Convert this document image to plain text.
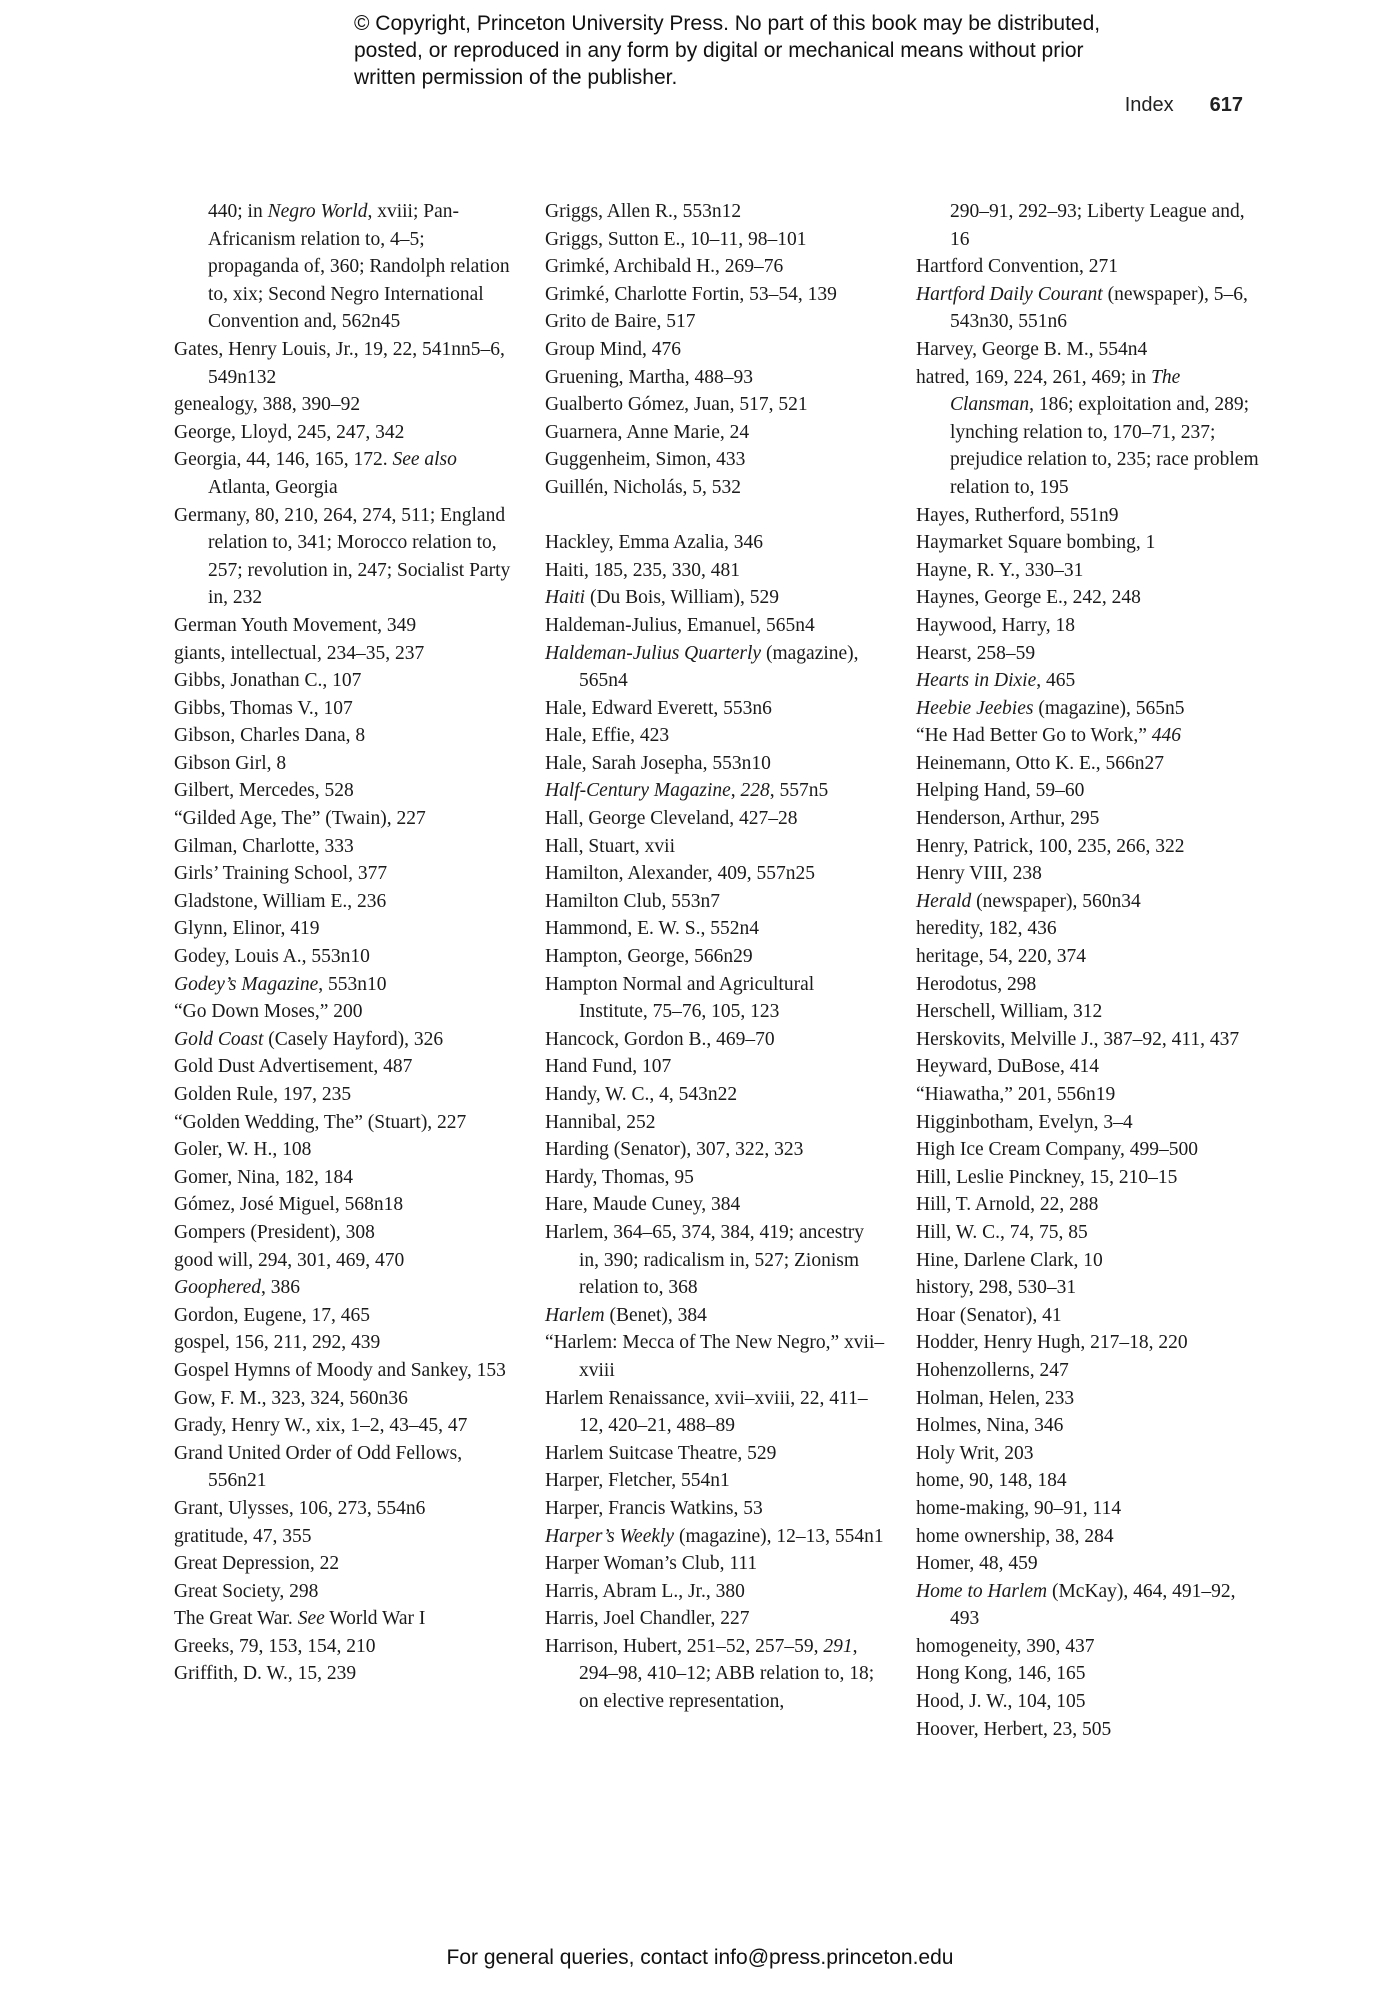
© Copyright, Princeton University Press. No part of this book may be distributed, posted, or reproduced in any form by digital or mechanical means without prior written permission of the publisher.
Index 617
440; in Negro World, xviii; Pan-Africanism relation to, 4–5; propaganda of, 360; Randolph relation to, xix; Second Negro International Convention and, 562n45
Gates, Henry Louis, Jr., 19, 22, 541nn5–6, 549n132
genealogy, 388, 390–92
George, Lloyd, 245, 247, 342
Georgia, 44, 146, 165, 172. See also Atlanta, Georgia
Germany, 80, 210, 264, 274, 511; England relation to, 341; Morocco relation to, 257; revolution in, 247; Socialist Party in, 232
German Youth Movement, 349
giants, intellectual, 234–35, 237
Gibbs, Jonathan C., 107
Gibbs, Thomas V., 107
Gibson, Charles Dana, 8
Gibson Girl, 8
Gilbert, Mercedes, 528
“Gilded Age, The” (Twain), 227
Gilman, Charlotte, 333
Girls’ Training School, 377
Gladstone, William E., 236
Glynn, Elinor, 419
Godey, Louis A., 553n10
Godey’s Magazine, 553n10
“Go Down Moses,” 200
Gold Coast (Casely Hayford), 326
Gold Dust Advertisement, 487
Golden Rule, 197, 235
“Golden Wedding, The” (Stuart), 227
Goler, W. H., 108
Gomer, Nina, 182, 184
Gómez, José Miguel, 568n18
Gompers (President), 308
good will, 294, 301, 469, 470
Goophered, 386
Gordon, Eugene, 17, 465
gospel, 156, 211, 292, 439
Gospel Hymns of Moody and Sankey, 153
Gow, F. M., 323, 324, 560n36
Grady, Henry W., xix, 1–2, 43–45, 47
Grand United Order of Odd Fellows, 556n21
Grant, Ulysses, 106, 273, 554n6
gratitude, 47, 355
Great Depression, 22
Great Society, 298
The Great War. See World War I
Greeks, 79, 153, 154, 210
Griffith, D. W., 15, 239
Griggs, Allen R., 553n12
Griggs, Sutton E., 10–11, 98–101
Grimké, Archibald H., 269–76
Grimké, Charlotte Fortin, 53–54, 139
Grito de Baire, 517
Group Mind, 476
Gruening, Martha, 488–93
Gualberto Gómez, Juan, 517, 521
Guarnera, Anne Marie, 24
Guggenheim, Simon, 433
Guillén, Nicholás, 5, 532
Hackley, Emma Azalia, 346
Haiti, 185, 235, 330, 481
Haiti (Du Bois, William), 529
Haldeman-Julius, Emanuel, 565n4
Haldeman-Julius Quarterly (magazine), 565n4
Hale, Edward Everett, 553n6
Hale, Effie, 423
Hale, Sarah Josepha, 553n10
Half-Century Magazine, 228, 557n5
Hall, George Cleveland, 427–28
Hall, Stuart, xvii
Hamilton, Alexander, 409, 557n25
Hamilton Club, 553n7
Hammond, E. W. S., 552n4
Hampton, George, 566n29
Hampton Normal and Agricultural Institute, 75–76, 105, 123
Hancock, Gordon B., 469–70
Hand Fund, 107
Handy, W. C., 4, 543n22
Hannibal, 252
Harding (Senator), 307, 322, 323
Hardy, Thomas, 95
Hare, Maude Cuney, 384
Harlem, 364–65, 374, 384, 419; ancestry in, 390; radicalism in, 527; Zionism relation to, 368
Harlem (Benet), 384
“Harlem: Mecca of The New Negro,” xvii–xviii
Harlem Renaissance, xvii–xviii, 22, 411–12, 420–21, 488–89
Harlem Suitcase Theatre, 529
Harper, Fletcher, 554n1
Harper, Francis Watkins, 53
Harper’s Weekly (magazine), 12–13, 554n1
Harper Woman’s Club, 111
Harris, Abram L., Jr., 380
Harris, Joel Chandler, 227
Harrison, Hubert, 251–52, 257–59, 291, 294–98, 410–12; ABB relation to, 18; on elective representation,
290–91, 292–93; Liberty League and, 16
Hartford Convention, 271
Hartford Daily Courant (newspaper), 5–6, 543n30, 551n6
Harvey, George B. M., 554n4
hatred, 169, 224, 261, 469; in The Clansman, 186; exploitation and, 289; lynching relation to, 170–71, 237; prejudice relation to, 235; race problem relation to, 195
Hayes, Rutherford, 551n9
Haymarket Square bombing, 1
Hayne, R. Y., 330–31
Haynes, George E., 242, 248
Haywood, Harry, 18
Hearst, 258–59
Hearts in Dixie, 465
Heebie Jeebies (magazine), 565n5
“He Had Better Go to Work,” 446
Heinemann, Otto K. E., 566n27
Helping Hand, 59–60
Henderson, Arthur, 295
Henry, Patrick, 100, 235, 266, 322
Henry VIII, 238
Herald (newspaper), 560n34
heredity, 182, 436
heritage, 54, 220, 374
Herodotus, 298
Herschell, William, 312
Herskovits, Melville J., 387–92, 411, 437
Heyward, DuBose, 414
“Hiawatha,” 201, 556n19
Higginbotham, Evelyn, 3–4
High Ice Cream Company, 499–500
Hill, Leslie Pinckney, 15, 210–15
Hill, T. Arnold, 22, 288
Hill, W. C., 74, 75, 85
Hine, Darlene Clark, 10
history, 298, 530–31
Hoar (Senator), 41
Hodder, Henry Hugh, 217–18, 220
Hohenzollerns, 247
Holman, Helen, 233
Holmes, Nina, 346
Holy Writ, 203
home, 90, 148, 184
home-making, 90–91, 114
home ownership, 38, 284
Homer, 48, 459
Home to Harlem (McKay), 464, 491–92, 493
homogeneity, 390, 437
Hong Kong, 146, 165
Hood, J. W., 104, 105
Hoover, Herbert, 23, 505
For general queries, contact info@press.princeton.edu
